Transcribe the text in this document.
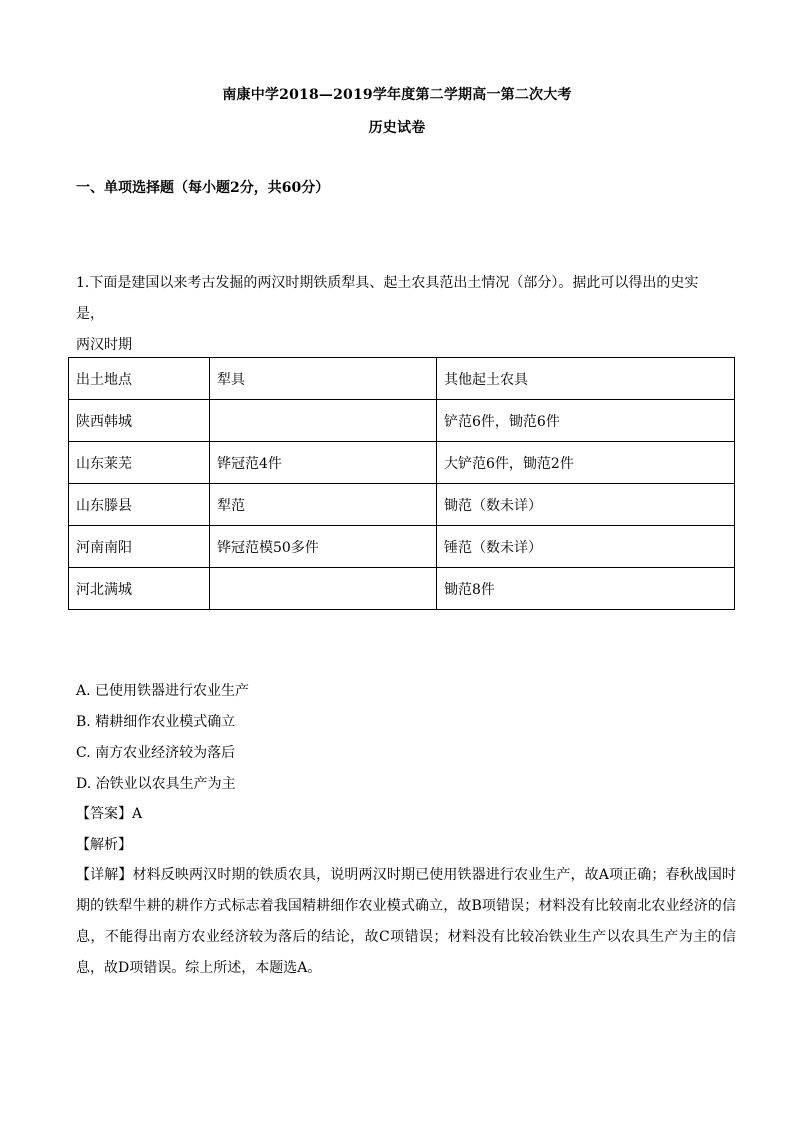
南康中学2018—2019学年度第二学期高一第二次大考
历史试卷
一、单项选择题（每小题2分，共60分）
1.下面是建国以来考古发掘的两汉时期铁质犁具、起土农具范出土情况（部分）。据此可以得出的史实是，
两汉时期
出土地点	犁具	其他起土农具
陕西韩城		铲范6件，锄范6件
山东莱芜	铧冠范4件	大铲范6件，锄范2件
山东滕县	犁范	锄范（数未详）
河南南阳	铧冠范模50多件	锤范（数未详）
河北满城		锄范8件
A. 已使用铁器进行农业生产
B. 精耕细作农业模式确立
C. 南方农业经济较为落后
D. 冶铁业以农具生产为主
【答案】A
【解析】
【详解】材料反映两汉时期的铁质农具，说明两汉时期已使用铁器进行农业生产，故A项正确；春秋战国时期的铁犁牛耕的耕作方式标志着我国精耕细作农业模式确立，故B项错误；材料没有比较南北农业经济的信息，不能得出南方农业经济较为落后的结论，故C项错误；材料没有比较冶铁业生产以农具生产为主的信息，故D项错误。综上所述，本题选A。
